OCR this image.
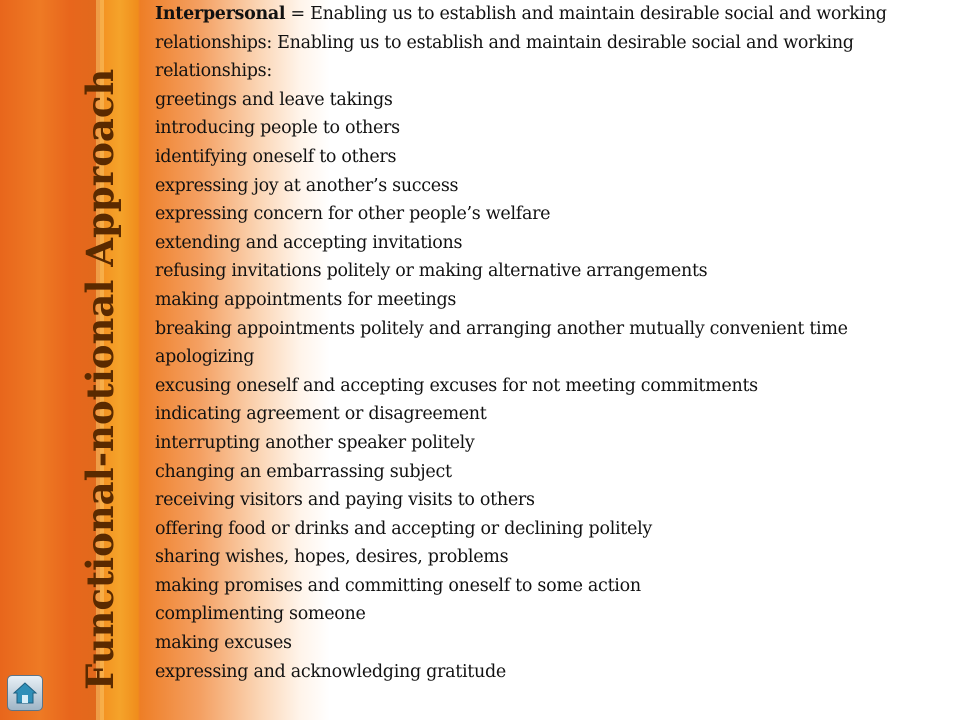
Functional-notional Approach
Interpersonal = Enabling us to establish and maintain desirable social and working relationships: Enabling us to establish and maintain desirable social and working relationships:
greetings and leave takings
introducing people to others
identifying oneself to others
expressing joy at another’s success
expressing concern for other people’s welfare
extending and accepting invitations
refusing invitations politely or making alternative arrangements
making appointments for meetings
breaking appointments politely and arranging another mutually convenient time
apologizing
excusing oneself and accepting excuses for not meeting commitments
indicating agreement or disagreement
interrupting another speaker politely
changing an embarrassing subject
receiving visitors and paying visits to others
offering food or drinks and accepting or declining politely
sharing wishes, hopes, desires, problems
making promises and committing oneself to some action
complimenting someone
making excuses
expressing and acknowledging gratitude
